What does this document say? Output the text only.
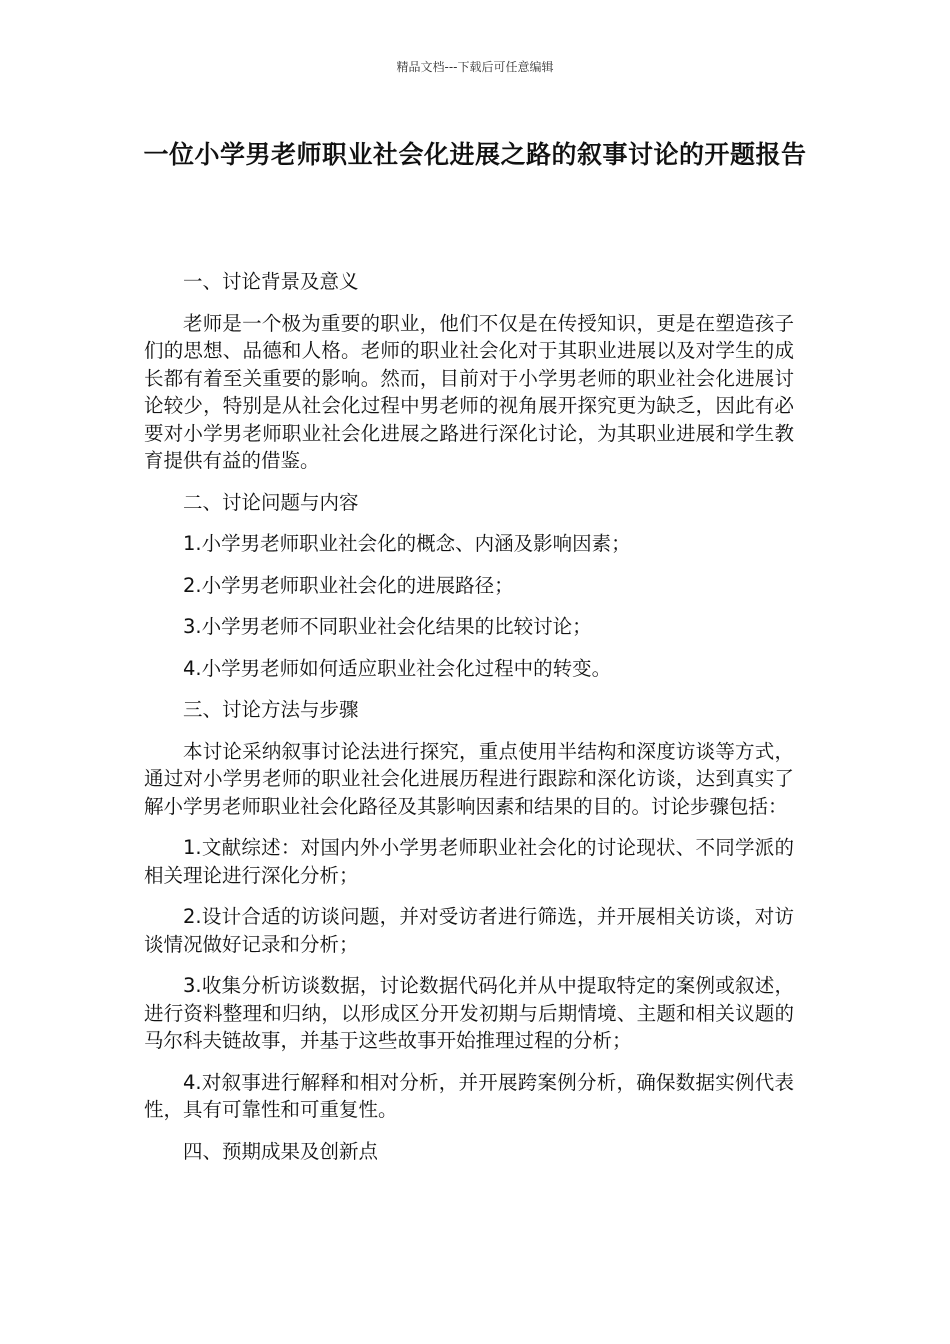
精品文档---下载后可任意编辑
一位小学男老师职业社会化进展之路的叙事讨论的开题报告

一、讨论背景及意义

老师是一个极为重要的职业，他们不仅是在传授知识，更是在塑造孩子们的思想、品德和人格。老师的职业社会化对于其职业进展以及对学生的成长都有着至关重要的影响。然而，目前对于小学男老师的职业社会化进展讨论较少，特别是从社会化过程中男老师的视角展开探究更为缺乏，因此有必要对小学男老师职业社会化进展之路进行深化讨论，为其职业进展和学生教育提供有益的借鉴。

二、讨论问题与内容

1.小学男老师职业社会化的概念、内涵及影响因素；

2.小学男老师职业社会化的进展路径；

3.小学男老师不同职业社会化结果的比较讨论；

4.小学男老师如何适应职业社会化过程中的转变。

三、讨论方法与步骤

本讨论采纳叙事讨论法进行探究，重点使用半结构和深度访谈等方式，通过对小学男老师的职业社会化进展历程进行跟踪和深化访谈，达到真实了解小学男老师职业社会化路径及其影响因素和结果的目的。讨论步骤包括：

1.文献综述：对国内外小学男老师职业社会化的讨论现状、不同学派的相关理论进行深化分析；

2.设计合适的访谈问题，并对受访者进行筛选，并开展相关访谈，对访谈情况做好记录和分析；

3.收集分析访谈数据，讨论数据代码化并从中提取特定的案例或叙述，进行资料整理和归纳，以形成区分开发初期与后期情境、主题和相关议题的马尔科夫链故事，并基于这些故事开始推理过程的分析；

4.对叙事进行解释和相对分析，并开展跨案例分析，确保数据实例代表性，具有可靠性和可重复性。

四、预期成果及创新点
